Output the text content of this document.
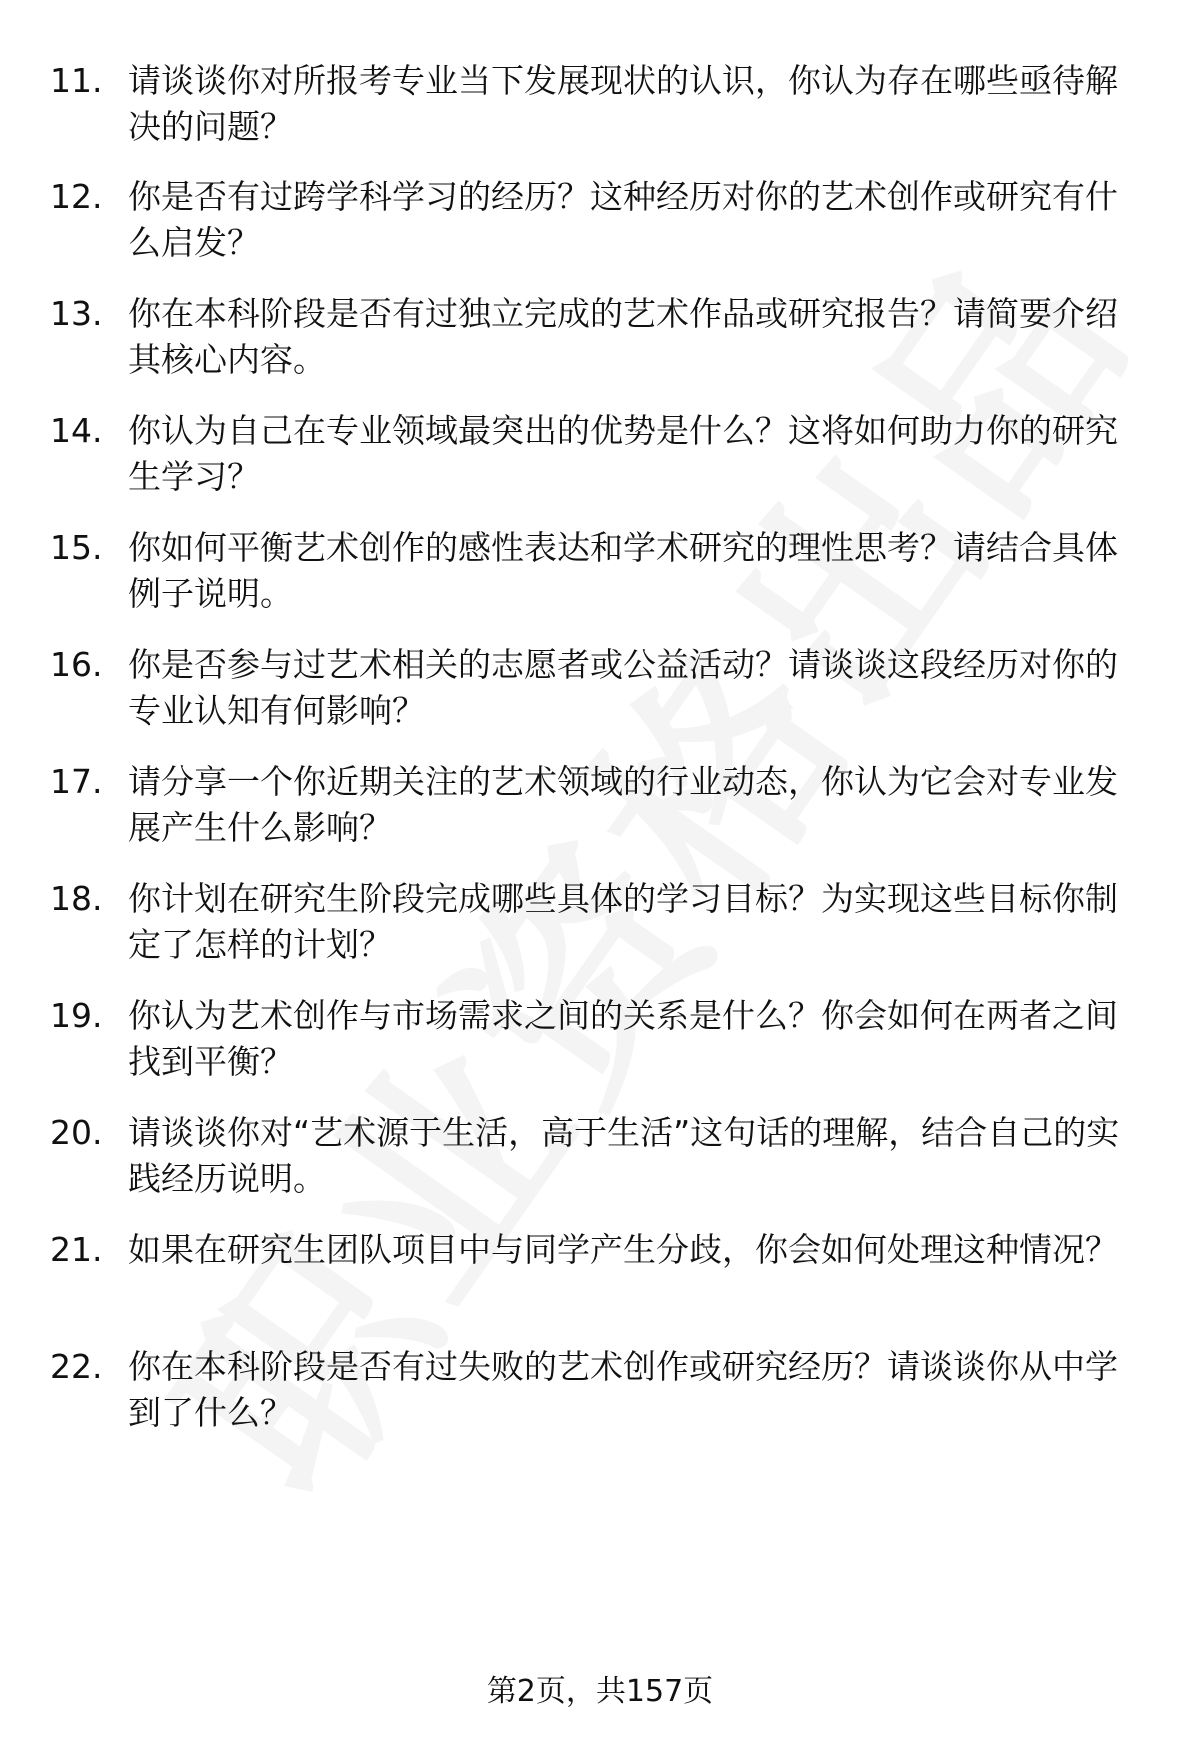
11. 请谈谈你对所报考专业当下发展现状的认识，你认为存在哪些亟待解决的问题？
12. 你是否有过跨学科学习的经历？这种经历对你的艺术创作或研究有什么启发？
13. 你在本科阶段是否有过独立完成的艺术作品或研究报告？请简要介绍其核心内容。
14. 你认为自己在专业领域最突出的优势是什么？这将如何助力你的研究生学习？
15. 你如何平衡艺术创作的感性表达和学术研究的理性思考？请结合具体例子说明。
16. 你是否参与过艺术相关的志愿者或公益活动？请谈谈这段经历对你的专业认知有何影响？
17. 请分享一个你近期关注的艺术领域的行业动态，你认为它会对专业发展产生什么影响？
18. 你计划在研究生阶段完成哪些具体的学习目标？为实现这些目标你制定了怎样的计划？
19. 你认为艺术创作与市场需求之间的关系是什么？你会如何在两者之间找到平衡？
20. 请谈谈你对“艺术源于生活，高于生活”这句话的理解，结合自己的实践经历说明。
21. 如果在研究生团队项目中与同学产生分歧，你会如何处理这种情况？
22. 你在本科阶段是否有过失败的艺术创作或研究经历？请谈谈你从中学到了什么？
第2页，共157页
